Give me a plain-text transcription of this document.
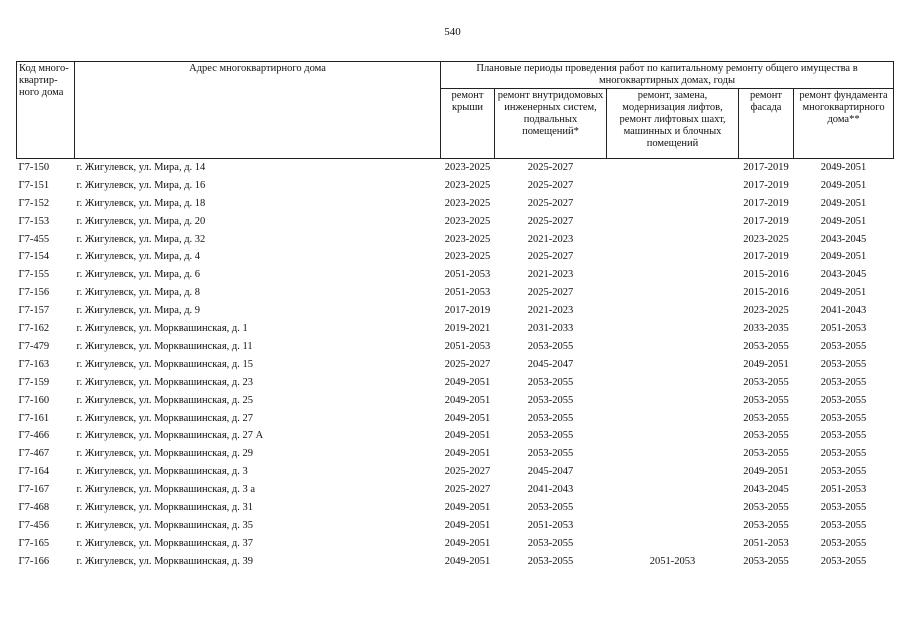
540
Код много-квартир-ного дома	Адрес многоквартирного дома	Плановые периоды проведения работ по капитальному ремонту общего имущества в многоквартирных домах, годы				
		ремонт крыши	ремонт внутридомовых инженерных систем, подвальных помещений*	ремонт, замена, модернизация лифтов, ремонт лифтовых шахт, машинных и блочных помещений	ремонт фасада	ремонт фундамента многоквартирного дома**
Г7-150	г. Жигулевск, ул. Мира, д. 14	2023-2025	2025-2027		2017-2019	2049-2051
Г7-151	г. Жигулевск, ул. Мира, д. 16	2023-2025	2025-2027		2017-2019	2049-2051
Г7-152	г. Жигулевск, ул. Мира, д. 18	2023-2025	2025-2027		2017-2019	2049-2051
Г7-153	г. Жигулевск, ул. Мира, д. 20	2023-2025	2025-2027		2017-2019	2049-2051
Г7-455	г. Жигулевск, ул. Мира, д. 32	2023-2025	2021-2023		2023-2025	2043-2045
Г7-154	г. Жигулевск, ул. Мира, д. 4	2023-2025	2025-2027		2017-2019	2049-2051
Г7-155	г. Жигулевск, ул. Мира, д. 6	2051-2053	2021-2023		2015-2016	2043-2045
Г7-156	г. Жигулевск, ул. Мира, д. 8	2051-2053	2025-2027		2015-2016	2049-2051
Г7-157	г. Жигулевск, ул. Мира, д. 9	2017-2019	2021-2023		2023-2025	2041-2043
Г7-162	г. Жигулевск, ул. Морквашинская, д. 1	2019-2021	2031-2033		2033-2035	2051-2053
Г7-479	г. Жигулевск, ул. Морквашинская, д. 11	2051-2053	2053-2055		2053-2055	2053-2055
Г7-163	г. Жигулевск, ул. Морквашинская, д. 15	2025-2027	2045-2047		2049-2051	2053-2055
Г7-159	г. Жигулевск, ул. Морквашинская, д. 23	2049-2051	2053-2055		2053-2055	2053-2055
Г7-160	г. Жигулевск, ул. Морквашинская, д. 25	2049-2051	2053-2055		2053-2055	2053-2055
Г7-161	г. Жигулевск, ул. Морквашинская, д. 27	2049-2051	2053-2055		2053-2055	2053-2055
Г7-466	г. Жигулевск, ул. Морквашинская, д. 27 А	2049-2051	2053-2055		2053-2055	2053-2055
Г7-467	г. Жигулевск, ул. Морквашинская, д. 29	2049-2051	2053-2055		2053-2055	2053-2055
Г7-164	г. Жигулевск, ул. Морквашинская, д. 3	2025-2027	2045-2047		2049-2051	2053-2055
Г7-167	г. Жигулевск, ул. Морквашинская, д. 3 а	2025-2027	2041-2043		2043-2045	2051-2053
Г7-468	г. Жигулевск, ул. Морквашинская, д. 31	2049-2051	2053-2055		2053-2055	2053-2055
Г7-456	г. Жигулевск, ул. Морквашинская, д. 35	2049-2051	2051-2053		2053-2055	2053-2055
Г7-165	г. Жигулевск, ул. Морквашинская, д. 37	2049-2051	2053-2055		2051-2053	2053-2055
Г7-166	г. Жигулевск, ул. Морквашинская, д. 39	2049-2051	2053-2055	2051-2053	2053-2055	2053-2055
